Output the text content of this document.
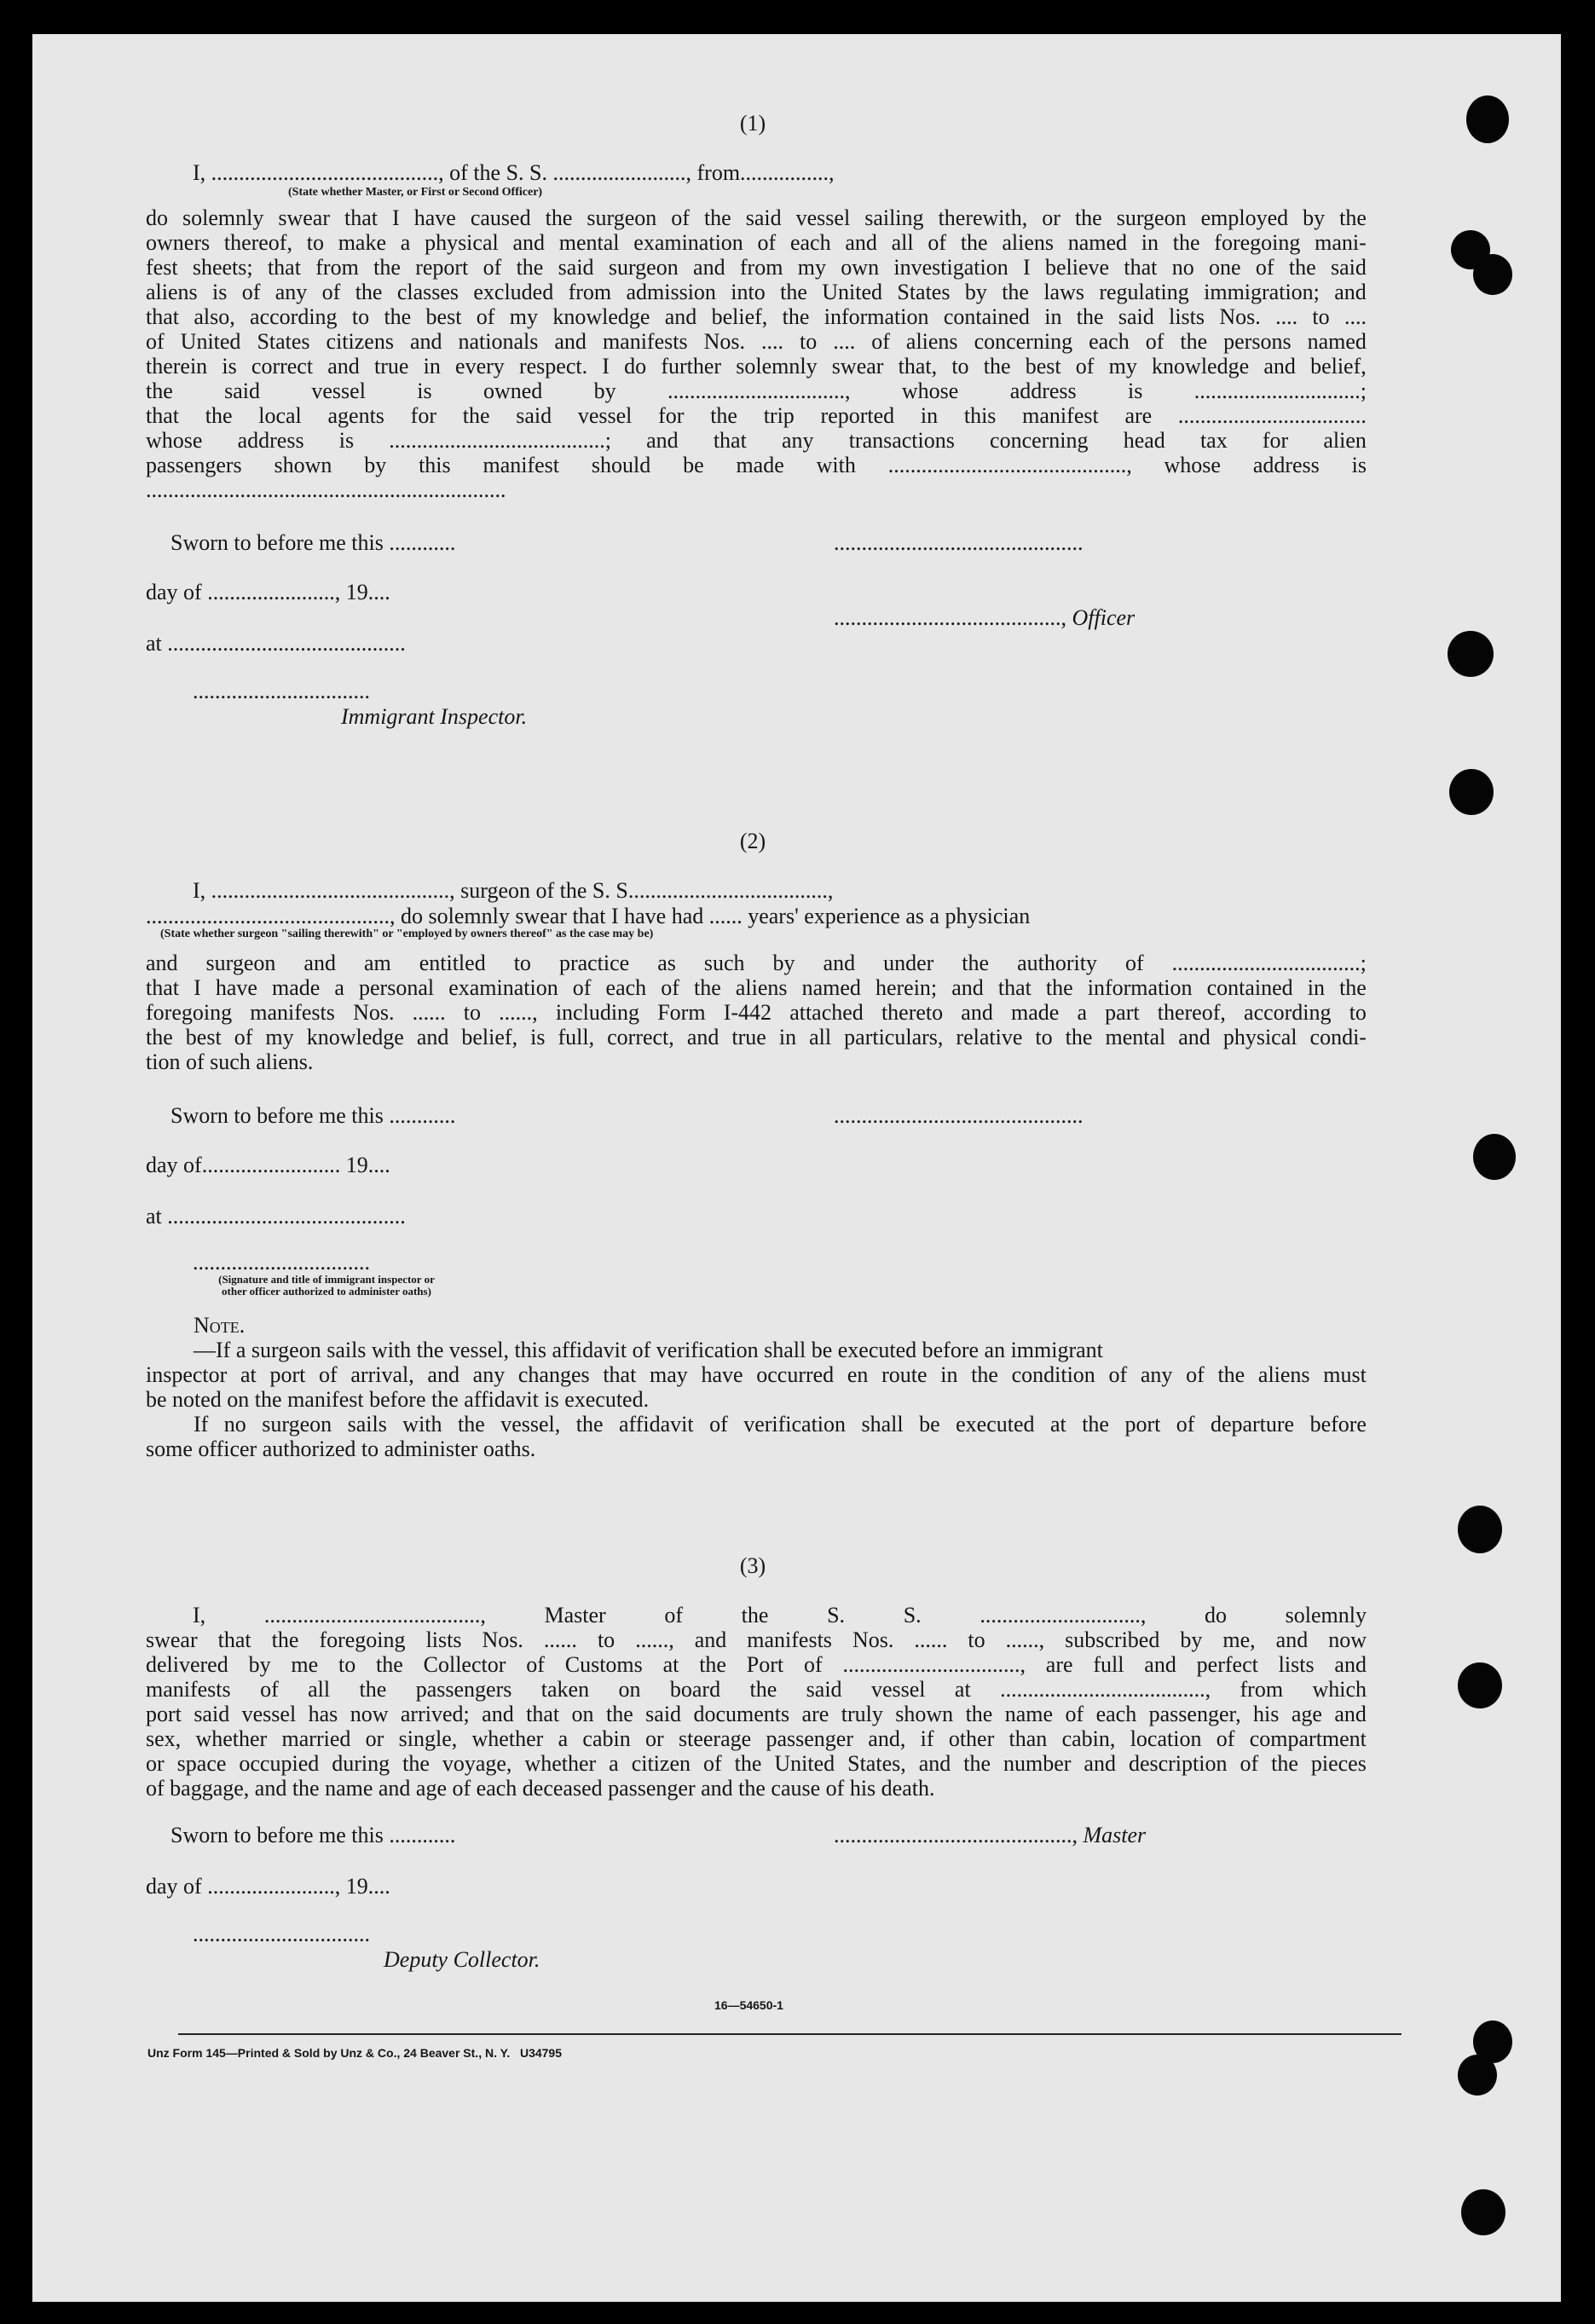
(1)
I, ........................................., of the S. S. ........................, from................,
(State whether Master, or First or Second Officer)
do solemnly swear that I have caused the surgeon of the said vessel sailing therewith, or the surgeon employed by the
owners thereof, to make a physical and mental examination of each and all of the aliens named in the foregoing mani-
fest sheets; that from the report of the said surgeon and from my own investigation I believe that no one of the said
aliens is of any of the classes excluded from admission into the United States by the laws regulating immigration; and
that also, according to the best of my knowledge and belief, the information contained in the said lists Nos. .... to ....
of United States citizens and nationals and manifests Nos. .... to .... of aliens concerning each of the persons named
therein is correct and true in every respect. I do further solemnly swear that, to the best of my knowledge and belief,
the said vessel is owned by ................................, whose address is ..............................;
that the local agents for the said vessel for the trip reported in this manifest are ..................................
whose address is .......................................; and that any transactions concerning head tax for alien
passengers shown by this manifest should be made with ..........................................., whose address is
.................................................................
Sworn to before me this ............	.............................................
day of ......................., 19....
........................................., Officer
at ...........................................
................................
Immigrant Inspector.
(2)
I, ..........................................., surgeon of the S. S....................................,
............................................, do solemnly swear that I have had ...... years' experience as a physician
(State whether surgeon "sailing therewith" or "employed by owners thereof" as the case may be)
and surgeon and am entitled to practice as such by and under the authority of ..................................;
that I have made a personal examination of each of the aliens named herein; and that the information contained in the
foregoing manifests Nos. ...... to ......, including Form I-442 attached thereto and made a part thereof, according to
the best of my knowledge and belief, is full, correct, and true in all particulars, relative to the mental and physical condi-
tion of such aliens.
Sworn to before me this ............	.............................................
day of......................... 19....
at ...........................................
................................
(Signature and title of immigrant inspector or
other officer authorized to administer oaths)
Note.
—If a surgeon sails with the vessel, this affidavit of verification shall be executed before an immigrant
inspector at port of arrival, and any changes that may have occurred en route in the condition of any of the aliens must
be noted on the manifest before the affidavit is executed.
If no surgeon sails with the vessel, the affidavit of verification shall be executed at the port of departure before
some officer authorized to administer oaths.
(3)
I,	.......................................,	Master	of	the	S.	S.	.............................,	do	solemnly
swear that the foregoing lists Nos. ...... to ......, and manifests Nos. ...... to ......, subscribed by me, and now
delivered by me to the Collector of Customs at the Port of ................................, are full and perfect lists and
manifests of all the passengers taken on board the said vessel at ....................................., from which
port said vessel has now arrived; and that on the said documents are truly shown the name of each passenger, his age and
sex, whether married or single, whether a cabin or steerage passenger and, if other than cabin, location of compartment
or space occupied during the voyage, whether a citizen of the United States, and the number and description of the pieces
of baggage, and the name and age of each deceased passenger and the cause of his death.
Sworn to before me this ............	..........................................., Master
day of ......................., 19....
................................
Deputy Collector.
16—54650-1
Unz Form 145—Printed & Sold by Unz & Co., 24 Beaver St., N. Y.   U34795
